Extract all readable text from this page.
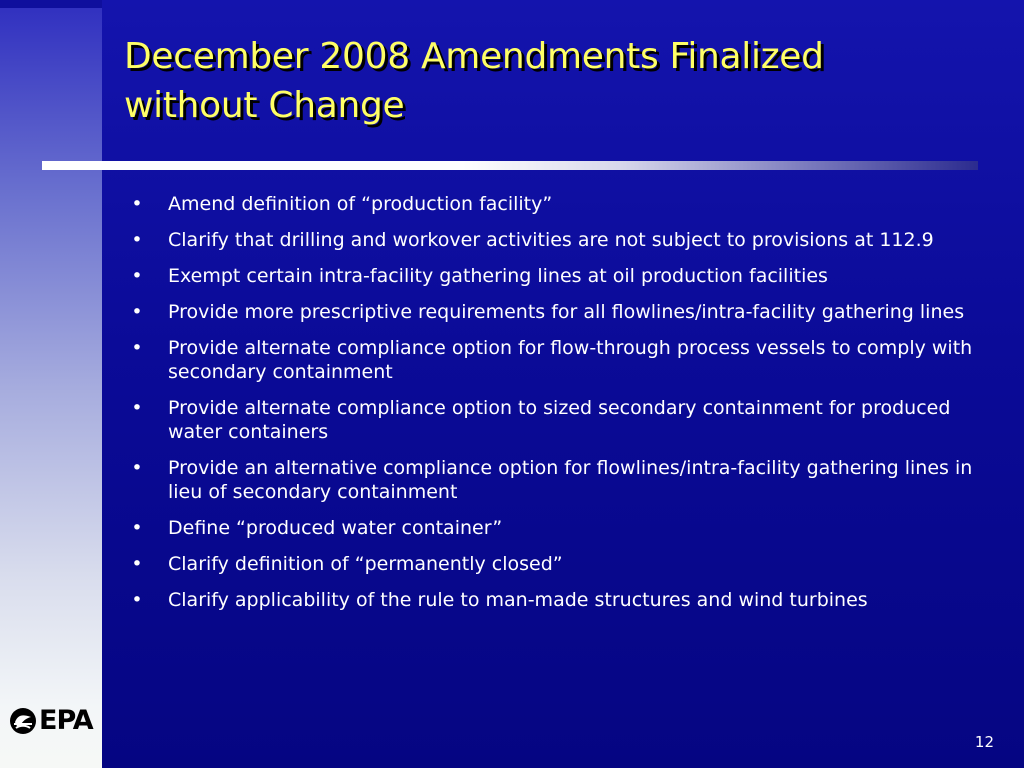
December 2008 Amendments Finalized
without Change
• Amend definition of “production facility”
• Clarify that drilling and workover activities are not subject to provisions at 112.9
• Exempt certain intra-facility gathering lines at oil production facilities
• Provide more prescriptive requirements for all flowlines/intra-facility gathering lines
• Provide alternate compliance option for flow-through process vessels to comply with secondary containment
• Provide alternate compliance option to sized secondary containment for produced water containers
• Provide an alternative compliance option for flowlines/intra-facility gathering lines in lieu of secondary containment
• Define “produced water container”
• Clarify definition of “permanently closed”
• Clarify applicability of the rule to man-made structures and wind turbines
EPA
12
